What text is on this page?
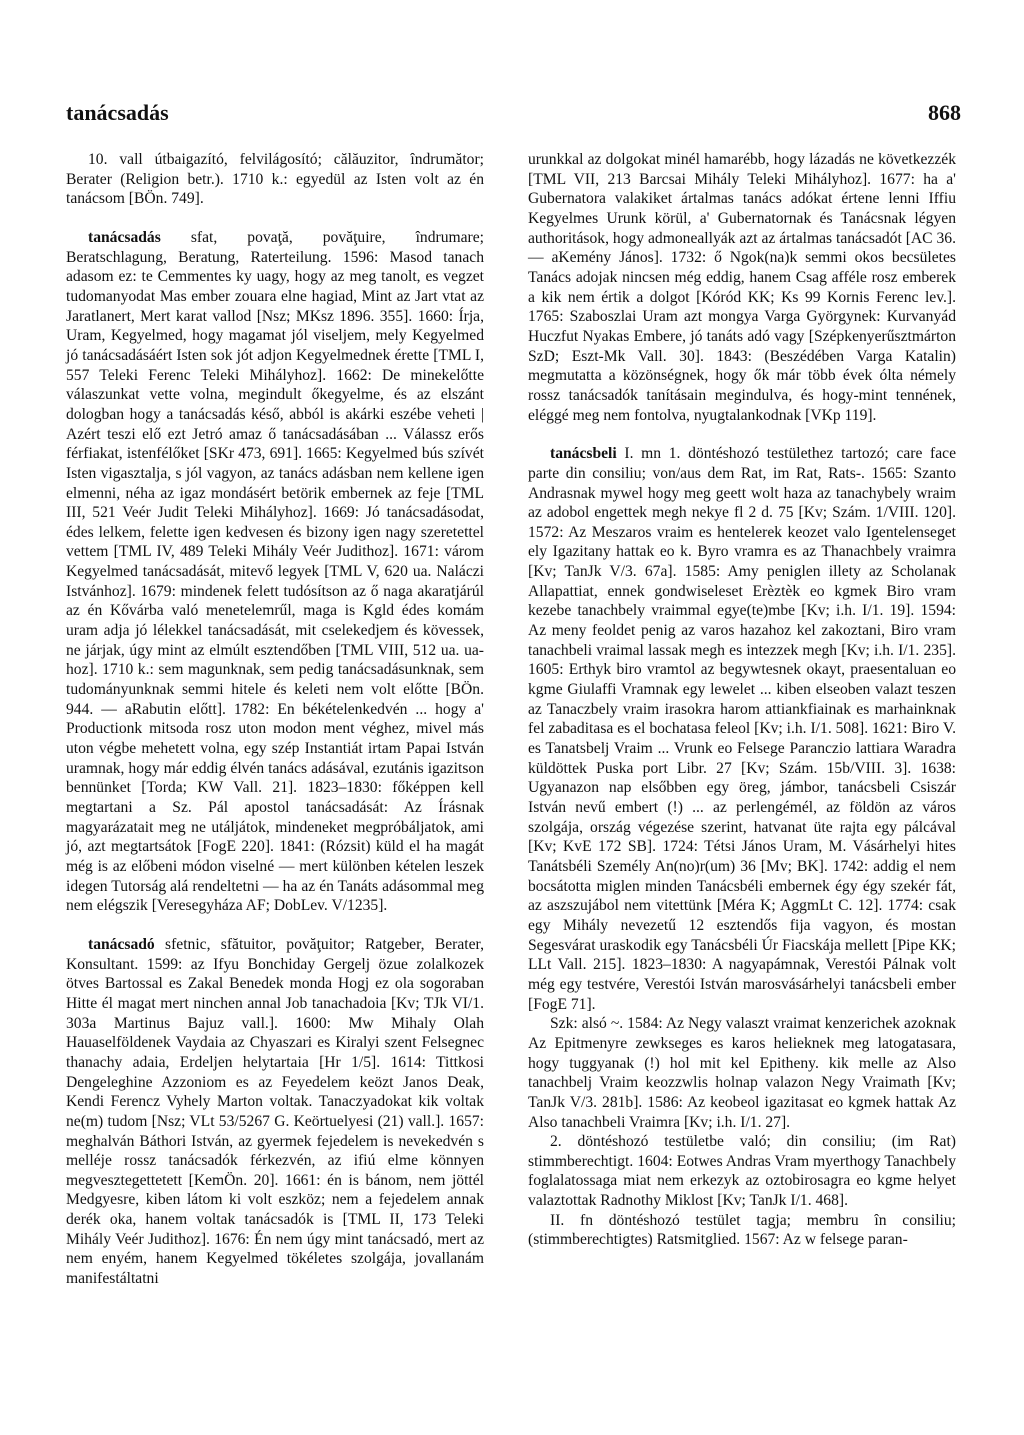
tanácsadás	868

10. vall útbaigazító, felvilágosító; călăuzitor, îndrumător; Berater (Religion betr.). 1710 k.: egyedül az Isten volt az én tanácsom [BÖn. 749].

tanácsadás sfat, povaţă, povăţuire, îndrumare; Beratschlagung, Beratung, Raterteilung. 1596: Masod tanach adasom ez: te Cemmentes ky uagy, hogy az meg tanolt, es vegzet tudomanyodat Mas ember zouara elne hagiad, Mint az Jart vtat az Jaratlanert, Mert karat vallod [Nsz; MKsz 1896. 355]. 1660: Írja, Uram, Kegyelmed, hogy magamat jól viseljem, mely Kegyelmed jó tanácsadásáért Isten sok jót adjon Kegyelmednek érette [TML I, 557 Teleki Ferenc Teleki Mihályhoz]. 1662: De minekelőtte válaszunkat vette volna, megindult őkegyelme, és az elszánt dologban hogy a tanácsadás késő, abból is akárki eszébe veheti | Azért teszi elő ezt Jetró amaz ő tanácsadásában ... Válassz erős férfiakat, istenfélőket [SKr 473, 691]. 1665: Kegyelmed bús szívét Isten vigasztalja, s jól vagyon, az tanács adásban nem kellene igen elmenni, néha az igaz mondásért betörik embernek az feje [TML III, 521 Veér Judit Teleki Mihályhoz]. 1669: Jó tanácsadásodat, édes lelkem, felette igen kedvesen és bizony igen nagy szeretettel vettem [TML IV, 489 Teleki Mihály Veér Judithoz]. 1671: várom Kegyelmed tanácsadását, mitevő legyek [TML V, 620 ua. Naláczi Istvánhoz]. 1679: mindenek felett tudósítson az ő naga akaratjárúl az én Kővárba való menetelemrűl, maga is Kgld édes komám uram adja jó lélekkel tanácsadását, mit cselekedjem és kövessek, ne járjak, úgy mint az elmúlt esztendőben [TML VIII, 512 ua. ua-hoz]. 1710 k.: sem magunknak, sem pedig tanácsadásunknak, sem tudományunknak semmi hitele és keleti nem volt előtte [BÖn. 944. — aRabutin előtt]. 1782: En békételenkedvén ... hogy a' Productionk mitsoda rosz uton modon ment véghez, mivel más uton végbe mehetett volna, egy szép Instantiát irtam Papai István uramnak, hogy már eddig élvén tanács adásával, ezutánis igazitson bennünket [Torda; KW Vall. 21]. 1823–1830: főképpen kell megtartani a Sz. Pál apostol tanácsadását: Az Írásnak magyarázatait meg ne utáljátok, mindeneket megpróbáljatok, ami jó, azt megtartsátok [FogE 220]. 1841: (Rózsit) küld el ha magát még is az előbeni módon viselné — mert különben kételen leszek idegen Tutorság alá rendeltetni — ha az én Tanáts adásommal meg nem elégszik [Veresegyháza AF; DobLev. V/1235].

tanácsadó sfetnic, sfătuitor, povăţuitor; Ratgeber, Berater, Konsultant. 1599: az Ifyu Bonchiday Gergelj özue zolalkozek ötves Bartossal es Zakal Benedek monda Hogj ez ola sogoraban Hitte él magat mert ninchen annal Job tanachadoia [Kv; TJk VI/1. 303a Martinus Bajuz vall.]. 1600: Mw Mihaly Olah Hauaselföldenek Vaydaia az Chyaszari es Kiralyi szent Felsegnec thanachy adaia, Erdeljen helytartaia [Hr 1/5]. 1614: Tittkosi Dengeleghine Azzoniom es az Feyedelem keözt Janos Deak, Kendi Ferencz Vyhely Marton voltak. Tanaczyadokat kik voltak ne(m) tudom [Nsz; VLt 53/5267 G. Keörtuelyesi (21) vall.]. 1657: meghalván Báthori István, az gyermek fejedelem is nevekedvén s melléje rossz tanácsadók férkezvén, az ifiú elme könnyen megvesztegettetett [KemÖn. 20]. 1661: én is bánom, nem jöttél Medgyesre, kiben látom ki volt eszköz; nem a fejedelem annak derék oka, hanem voltak tanácsadók is [TML II, 173 Teleki Mihály Veér Judithoz]. 1676: Én nem úgy mint tanácsadó, mert az nem enyém, hanem Kegyelmed tökéletes szolgája, jovallanám manifestáltatni

urunkkal az dolgokat minél hamarébb, hogy lázadás ne következzék [TML VII, 213 Barcsai Mihály Teleki Mihályhoz]. 1677: ha a' Gubernatora valakiket ártalmas tanács adókat értene lenni Iffiu Kegyelmes Urunk körül, a' Gubernatornak és Tanácsnak légyen authoritások, hogy admoneallyák azt az ártalmas tanácsadót [AC 36. — aKemény János]. 1732: ő Ngok(na)k semmi okos becsületes Tanács adojak nincsen még eddig, hanem Csag afféle rosz emberek a kik nem értik a dolgot [Kóród KK; Ks 99 Kornis Ferenc lev.]. 1765: Szaboszlai Uram azt mongya Varga Györgynek: Kurvanyád Huczfut Nyakas Embere, jó tanáts adó vagy [Szépkenyerűsztmárton SzD; Eszt-Mk Vall. 30]. 1843: (Beszédében Varga Katalin) megmutatta a közönségnek, hogy ők már több évek ólta némely rossz tanácsadók tanításain megindulva, és hogy-mint tennének, eléggé meg nem fontolva, nyugtalankodnak [VKp 119].

tanácsbeli I. mn 1. döntéshozó testülethez tartozó; care face parte din consiliu; von/aus dem Rat, im Rat, Rats-. 1565: Szanto Andrasnak mywel hogy meg geett wolt haza az tanachybely wraim az adobol engettek megh nekye fl 2 d. 75 [Kv; Szám. 1/VIII. 120]. 1572: Az Meszaros vraim es hentelerek keozet valo Igentelenseget ely Igazitany hattak eo k. Byro vramra es az Thanachbely vraimra [Kv; TanJk V/3. 67a]. 1585: Amy peniglen illety az Scholanak Allapattiat, ennek gondwiseleset Erèztèk eo kgmek Biro vram kezebe tanachbely vraimmal egye(te)mbe [Kv; i.h. I/1. 19]. 1594: Az meny feoldet penig az varos hazahoz kel zakoztani, Biro vram tanachbeli vraimal lassak megh es intezzek megh [Kv; i.h. I/1. 235]. 1605: Erthyk biro vramtol az begywtesnek okayt, praesentaluan eo kgme Giulaffi Vramnak egy lewelet ... kiben elseoben valazt teszen az Tanaczbely vraim irasokra harom attiankfiainak es marhainknak fel zabaditasa es el bochatasa feleol [Kv; i.h. I/1. 508]. 1621: Biro V. es Tanatsbelj Vraim ... Vrunk eo Felsege Paranczio lattiara Waradra küldöttek Puska port Libr. 27 [Kv; Szám. 15b/VIII. 3]. 1638: Ugyanazon nap elsőbben egy öreg, jámbor, tanácsbeli Csiszár István nevű embert (!) ... az perlengémél, az földön az város szolgája, ország végezése szerint, hatvanat üte rajta egy pálcával [Kv; KvE 172 SB]. 1724: Tétsi János Uram, M. Vásárhelyi hites Tanátsbéli Személy An(no)r(um) 36 [Mv; BK]. 1742: addig el nem bocsátotta miglen minden Tanácsbéli embernek égy égy szekér fát, az aszszujábol nem vitettünk [Méra K; AggmLt C. 12]. 1774: csak egy Mihály nevezetű 12 esztendős fija vagyon, és mostan Segesvárat uraskodik egy Tanácsbéli Úr Fiacskája mellett [Pipe KK; LLt Vall. 215]. 1823–1830: A nagyapámnak, Verestói Pálnak volt még egy testvére, Verestói István marosvásárhelyi tanácsbeli ember [FogE 71].

Szk: alsó ~. 1584: Az Negy valaszt vraimat kenzerichek azoknak Az Epitmenyre zewkseges es karos helieknek meg latogatasara, hogy tuggyanak (!) hol mit kel Epitheny. kik melle az Also tanachbelj Vraim keozzwlis holnap valazon Negy Vraimath [Kv; TanJk V/3. 281b]. 1586: Az keobeol igazitasat eo kgmek hattak Az Also tanachbeli Vraimra [Kv; i.h. I/1. 27].

2. döntéshozó testületbe való; din consiliu; (im Rat) stimmberechtigt. 1604: Eotwes Andras Vram myerthogy Tanachbely foglalatossaga miat nem erkezyk az oztobirosagra eo kgme helyet valaztottak Radnothy Miklost [Kv; TanJk I/1. 468].

II. fn döntéshozó testület tagja; membru în consiliu; (stimmberechtigtes) Ratsmitglied. 1567: Az w felsege paran-
